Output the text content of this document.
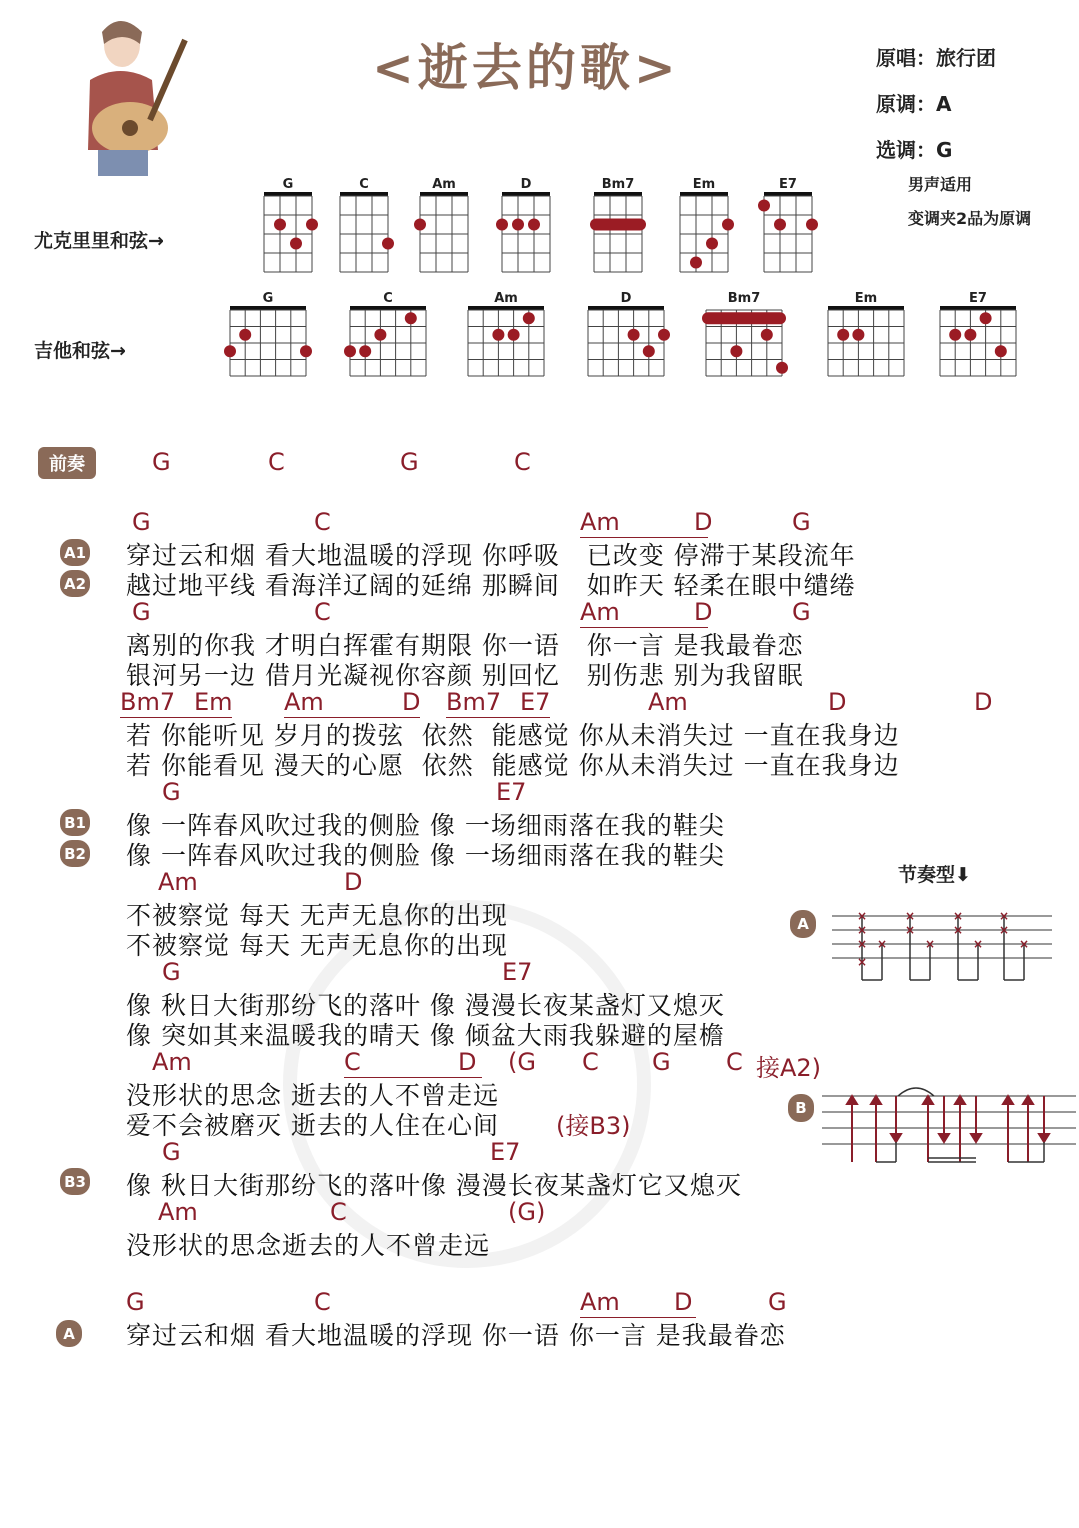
<逝去的歌>	原唱：旅行团
原调：A
选调：G
男声适用
变调夹2品为原调
尤克里里和弦→
吉他和弦→
G	C	Am	D	Bm7	Em	E7
G	C	Am	D	Bm7	Em	E7
前奏	G	C	G	C
G	C	Am	D	G
A1
A2
穿过云和烟 看大地温暖的浮现 你呼吸   已改变 停滞于某段流年
越过地平线 看海洋辽阔的延绵 那瞬间   如昨天 轻柔在眼中缱绻
G	C	Am	D	G
离别的你我 才明白挥霍有期限 你一语   你一言 是我最眷恋
银河另一边 借月光凝视你容颜 别回忆   别伤悲 别为我留眠
Bm7 Em Am	D Bm7 E7	Am	D	D
若 你能听见 岁月的拨弦  依然  能感觉 你从未消失过 一直在我身边
若 你能看见 漫天的心愿  依然  能感觉 你从未消失过 一直在我身边
G	E7
B1
B2
像 一阵春风吹过我的侧脸 像 一场细雨落在我的鞋尖
像 一阵春风吹过我的侧脸 像 一场细雨落在我的鞋尖
Am	D
不被察觉 每天 无声无息你的出现
不被察觉 每天 无声无息你的出现
G	E7
像 秋日大街那纷飞的落叶 像 漫漫长夜某盏灯又熄灭
像 突如其来温暖我的晴天 像 倾盆大雨我躲避的屋檐
Am	C	D (G C G C 接A2)
没形状的思念 逝去的人不曾走远
爱不会被磨灭 逝去的人住在心间 (接B3)
G	E7
B3 像 秋日大街那纷飞的落叶像 漫漫长夜某盏灯它又熄灭
Am	C	(G)
没形状的思念逝去的人不曾走远
G	C	Am D	G
A 穿过云和烟 看大地温暖的浮现 你一语 你一言 是我最眷恋
节奏型⬇
A
B
×
×
×
×
×
×
×
×
×
×
×
×
×
×
